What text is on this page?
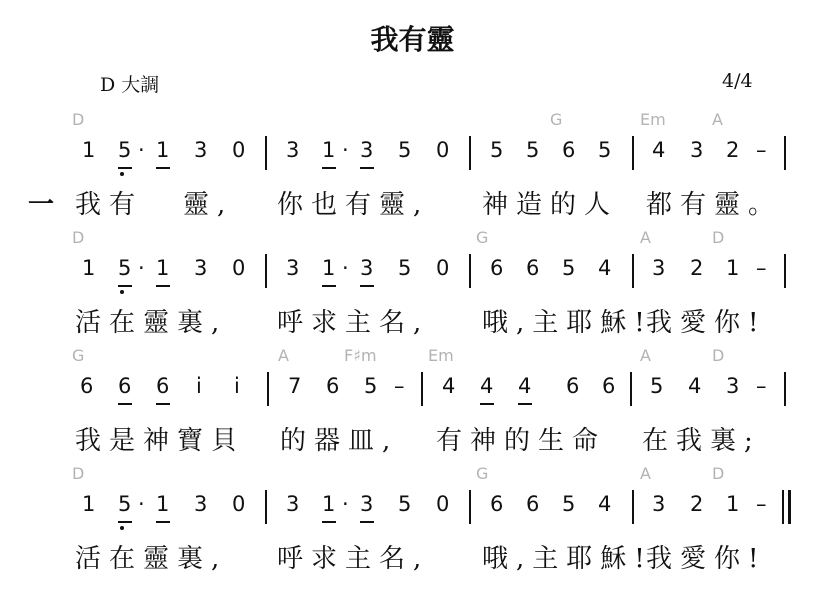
我有靈
D 大調	4/4
D	G	Em	A
1 5 · 1 3 0 3 1 · 3 5 0 5 5 6 5 4 3 2 –
一 我有 靈, 你也有靈, 神造的人 都有靈。
D	G	A	D
1 5 · 1 3 0 3 1 · 3 5 0 6 6 5 4 3 2 1 –
活在靈裏, 呼求主名, 哦,主耶穌!
我愛你!
G	A	F♯m	Em	A	D
6 6 6 i i 7 6 5 – 4 4 4 6 6 5 4 3 –
我是神寶貝 的器皿, 有神的生命 在我裏;
D	G	A	D
1 5 · 1 3 0 3 1 · 3 5 0 6 6 5 4 3 2 1 –
活在靈裏, 呼求主名, 哦,主耶穌!
我愛你!
